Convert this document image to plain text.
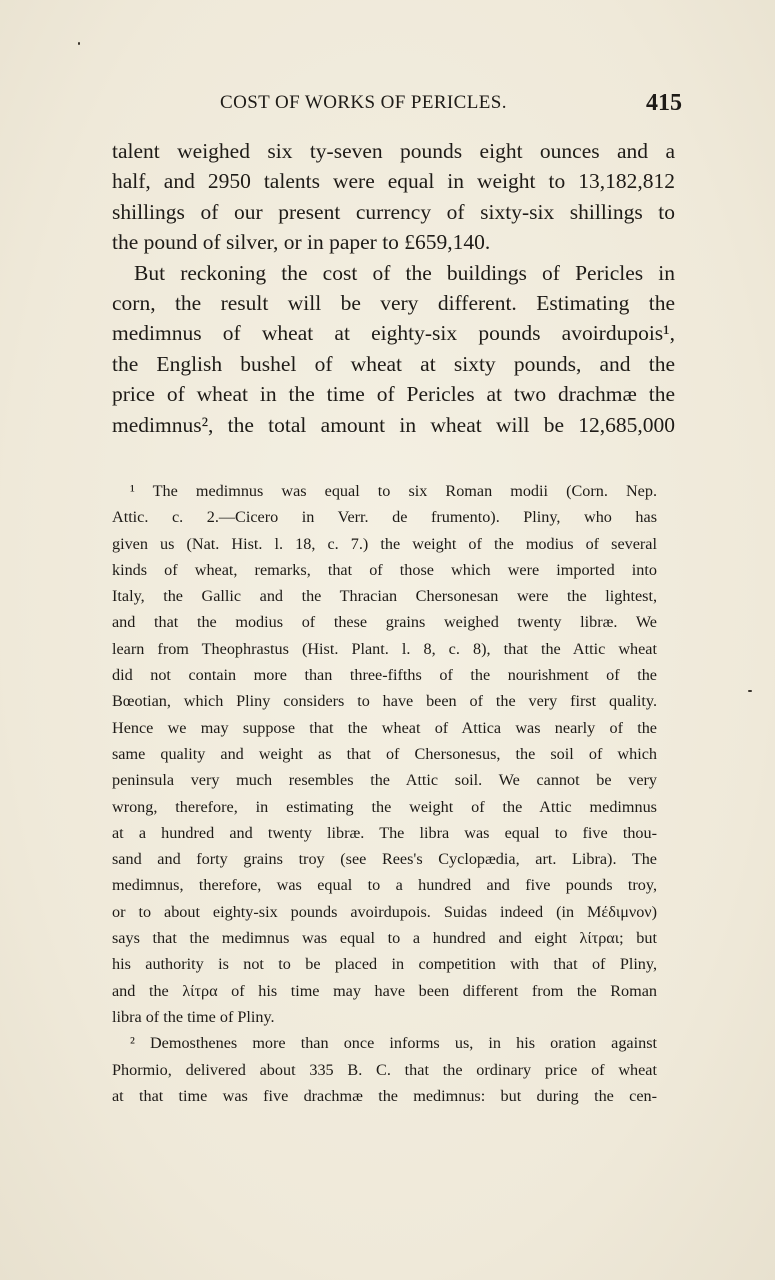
COST OF WORKS OF PERICLES.	415
talent weighed six ty-seven pounds eight ounces and a
half, and 2950 talents were equal in weight to 13,182,812
shillings of our present currency of sixty-six shillings to
the pound of silver, or in paper to £659,140.
But reckoning the cost of the buildings of Pericles in
corn, the result will be very different. Estimating the
medimnus of wheat at eighty-six pounds avoirdupois¹,
the English bushel of wheat at sixty pounds, and the
price of wheat in the time of Pericles at two drachmæ the
medimnus², the total amount in wheat will be 12,685,000
¹ The medimnus was equal to six Roman modii (Corn. Nep.
Attic. c. 2.—Cicero in Verr. de frumento). Pliny, who has
given us (Nat. Hist. l. 18, c. 7.) the weight of the modius of several
kinds of wheat, remarks, that of those which were imported into
Italy, the Gallic and the Thracian Chersonesan were the lightest,
and that the modius of these grains weighed twenty libræ. We
learn from Theophrastus (Hist. Plant. l. 8, c. 8), that the Attic wheat
did not contain more than three-fifths of the nourishment of the
Bœotian, which Pliny considers to have been of the very first quality.
Hence we may suppose that the wheat of Attica was nearly of the
same quality and weight as that of Chersonesus, the soil of which
peninsula very much resembles the Attic soil. We cannot be very
wrong, therefore, in estimating the weight of the Attic medimnus
at a hundred and twenty libræ. The libra was equal to five thou-
sand and forty grains troy (see Rees's Cyclopædia, art. Libra). The
medimnus, therefore, was equal to a hundred and five pounds troy,
or to about eighty-six pounds avoirdupois. Suidas indeed (in Μέδιμνον)
says that the medimnus was equal to a hundred and eight λίτραι; but
his authority is not to be placed in competition with that of Pliny,
and the λίτρα of his time may have been different from the Roman
libra of the time of Pliny.
² Demosthenes more than once informs us, in his oration against
Phormio, delivered about 335 B. C. that the ordinary price of wheat
at that time was five drachmæ the medimnus: but during the cen-
